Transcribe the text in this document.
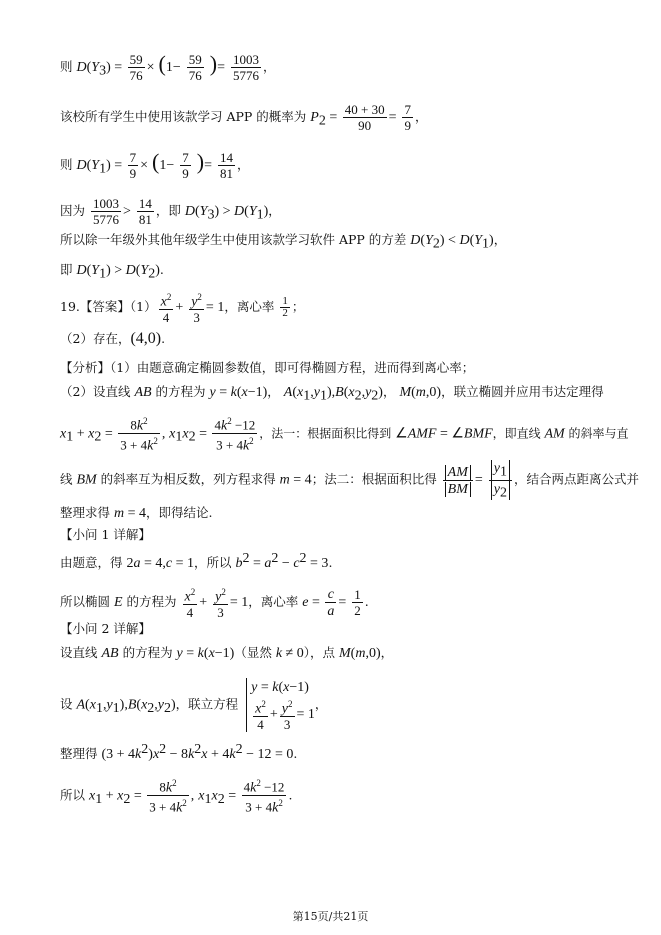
则 $D(Y_3) = \frac{59}{76} \times (1- \frac{59}{76}$ )= $\frac{1003}{5776}$ ，
该校所有学生中使用该款学习 APP 的概率为 $P_2 = \frac{40 + 30}{90} = \frac{7}{9}$ ，
则 $D(Y_1) = \frac{7}{9} \times (1- \frac{7}{9}$ )= $\frac{14}{81}$ ，
因为 $\frac{1003}{5776} > \frac{14}{81}$ ，即 $D(Y_3) > D(Y_1)$，
所以除一年级外其他年级学生中使用该款学习软件 APP 的方差 $D(Y_2) < D(Y_1)$，
即 $D(Y_1) > D(Y_2)$.
19.【答案】$(1) \frac{x^2}{4} + \frac{y^2}{3} = 1$，离心率 $\frac{1}{2}$ ；
（2）存在，(4,0).
【分析】（1）由题意确定椭圆参数值，即可得椭圆方程，进而得到离心率；
（2）设直线 AB 的方程为 y = k(x−1)， $A(x_1,y_1),B(x_2,y_2)$， M(m,0)，联立椭圆并应用韦达定理得
$x_1 + x_2 = \frac{8k^2}{3 + 4k^2}$ , $x_1x_2 = \frac{4k^2 -12}{3 + 4k^2}$ ，法一：根据面积比得到 ∠AMF = ∠BMF，即直线 AM 的斜率与直
线 BM 的斜率互为相反数，列方程求得 m = 4；法二：根据面积比得 $\frac{AM}{BM} = \frac{y_1}{y_2}$ ，结合两点距离公式并
整理求得 m = 4，即得结论.
【小问 1 详解】
由题意，得 2a = 4,c = 1，所以 $b^2 = a^2 - c^2 = 3$.
所以椭圆 E 的方程为 $\frac{x^2}{4} + \frac{y^2}{3} = 1$，离心率 $e = \frac{c}{a} = \frac{1}{2}$ .
【小问 2 详解】
设直线 AB 的方程为 y = k(x−1)（显然 k ≠ 0），点 M(m,0)，
设 $A(x_1,y_1),B(x_2,y_2)$，联立方程
y = k(x−1)
$\frac{x^2}{4} + \frac{y^2}{3} = 1$
，
整理得 $(3 + 4k^2)x^2 - 8k^2x + 4k^2 - 12 = 0$.
所以 $x_1 + x_2 = \frac{8k^2}{3 + 4k^2}$ , $x_1x_2 = \frac{4k^2 -12}{3 + 4k^2}$ .
第15页/共21页
